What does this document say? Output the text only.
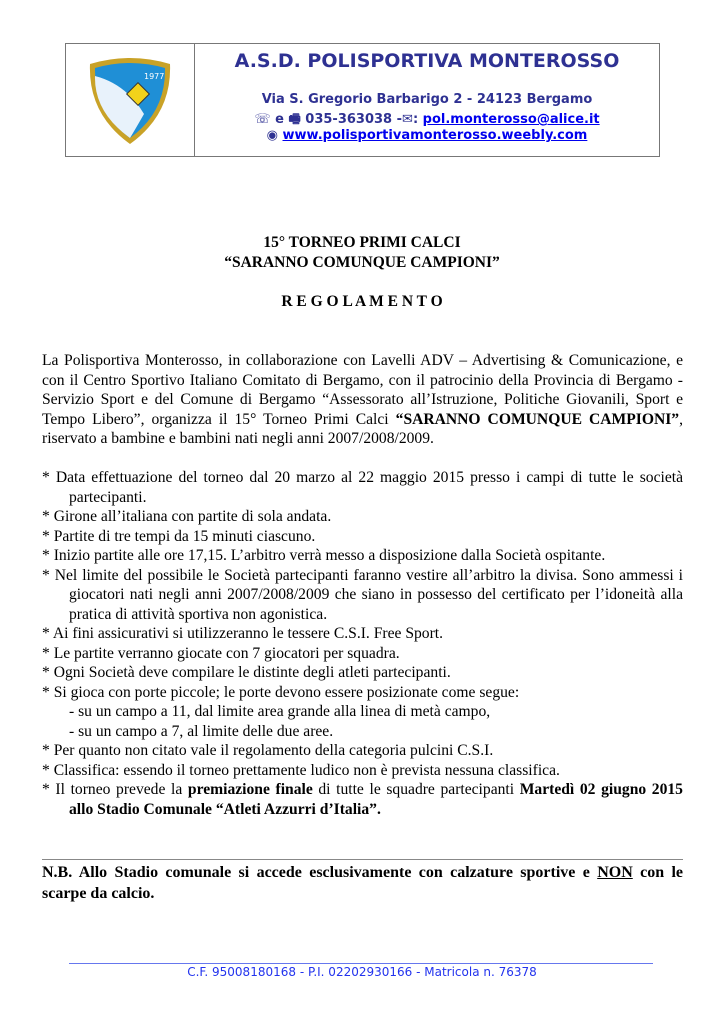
1977
A.S.D. POLISPORTIVA MONTEROSSO
Via S. Gregorio Barbarigo 2 - 24123 Bergamo
☏ e 🖷 035-363038 -✉: pol.monterosso@alice.it
◉ www.polisportivamonterosso.weebly.com
15° TORNEO PRIMI CALCI
“SARANNO COMUNQUE CAMPIONI”
R E G O L A M E N T O

La Polisportiva Monterosso, in collaborazione con Lavelli ADV – Advertising & Comunicazione, e con il Centro Sportivo Italiano Comitato di Bergamo, con il patrocinio della Provincia di Bergamo - Servizio Sport e del Comune di Bergamo “Assessorato all’Istruzione, Politiche Giovanili, Sport e Tempo Libero”, organizza il 15° Torneo Primi Calci “SARANNO COMUNQUE CAMPIONI”, riservato a bambine e bambini nati negli anni 2007/2008/2009.

* Data effettuazione del torneo dal 20 marzo al 22 maggio 2015 presso i campi di tutte le società partecipanti.

* Girone all’italiana con partite di sola andata.

* Partite di tre tempi da 15 minuti ciascuno.

* Inizio partite alle ore 17,15. L’arbitro verrà messo a disposizione dalla Società ospitante.

* Nel limite del possibile le Società partecipanti faranno vestire all’arbitro la divisa. Sono ammessi i giocatori nati negli anni 2007/2008/2009 che siano in possesso del certificato per l’idoneità alla pratica di attività sportiva non agonistica.

* Ai fini assicurativi si utilizzeranno le tessere C.S.I. Free Sport.

* Le partite verranno giocate con 7 giocatori per squadra.

* Ogni Società deve compilare le distinte degli atleti partecipanti.

* Si gioca con porte piccole; le porte devono essere posizionate come segue:

- su un campo a 11, dal limite area grande alla linea di metà campo,

- su un campo a 7, al limite delle due aree.

* Per quanto non citato vale il regolamento della categoria pulcini C.S.I.

* Classifica: essendo il torneo prettamente ludico non è prevista nessuna classifica.

* Il torneo prevede la premiazione finale di tutte le squadre partecipanti Martedì 02 giugno 2015 allo Stadio Comunale “Atleti Azzurri d’Italia”.

N.B. Allo Stadio comunale si accede esclusivamente con calzature sportive e NON con le scarpe da calcio.
C.F. 95008180168 - P.I. 02202930166 - Matricola n. 76378
